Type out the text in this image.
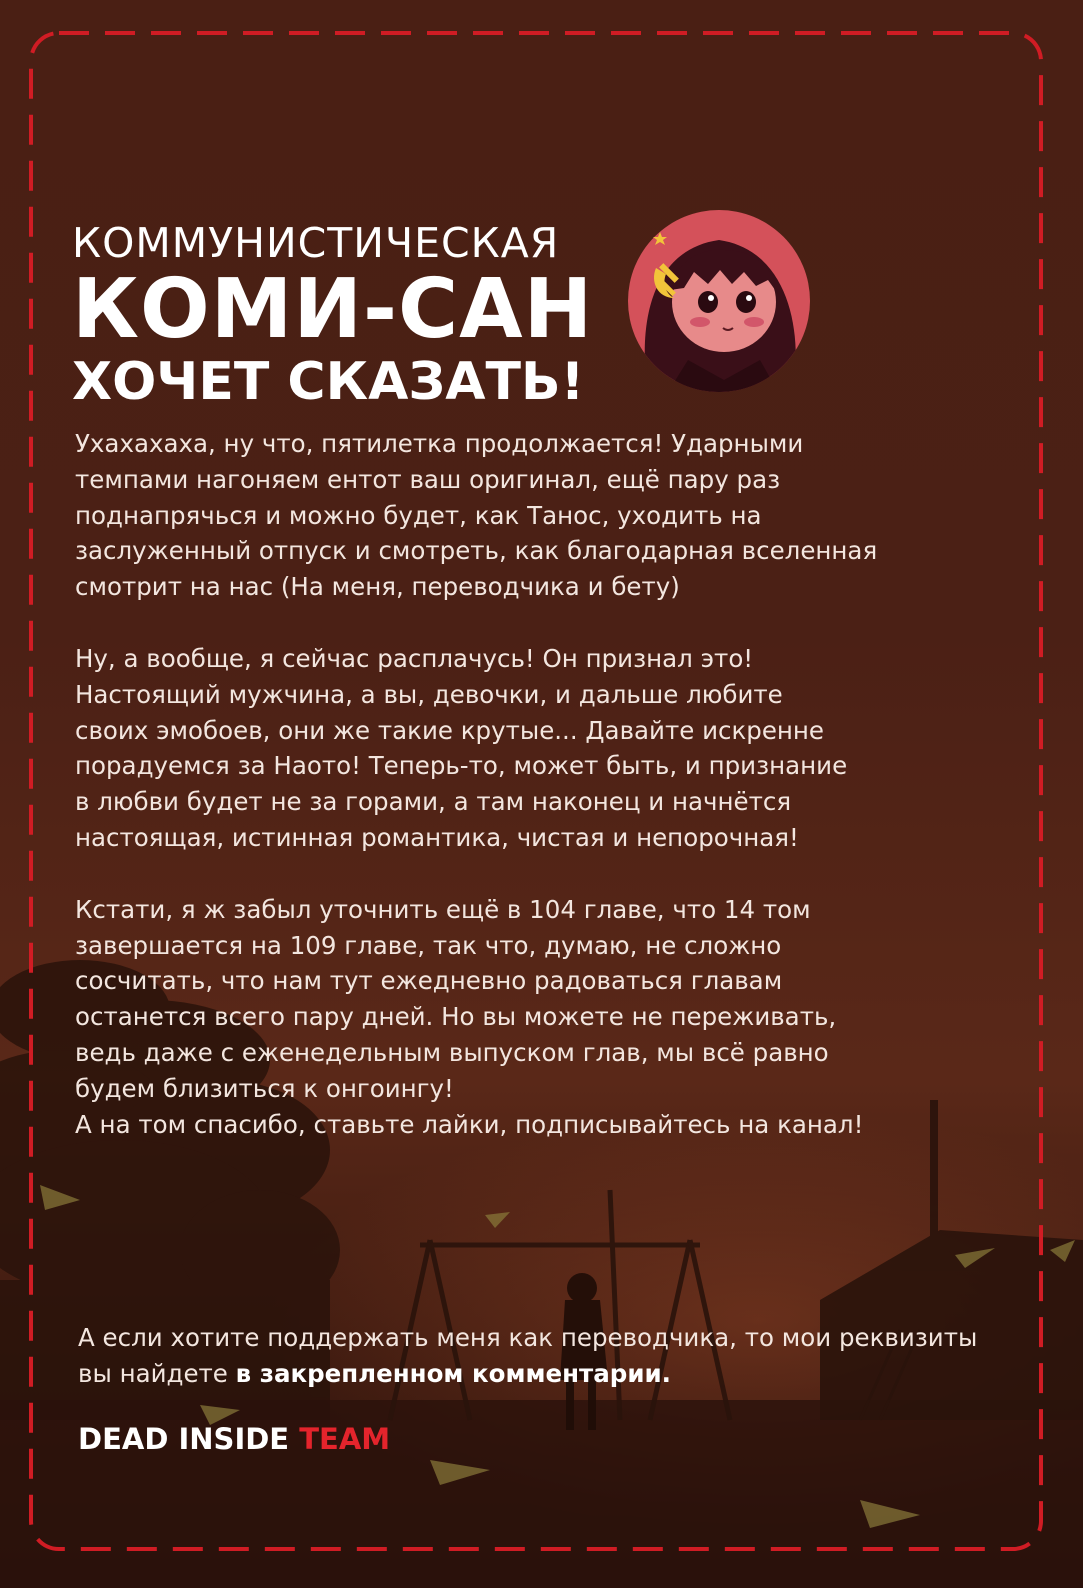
КОММУНИСТИЧЕСКАЯ
КОМИ-САН
ХОЧЕТ СКАЗАТЬ!

Ухахахаха, ну что, пятилетка продолжается! Ударными
темпами нагоняем ентот ваш оригинал, ещё пару раз
поднапрячься и можно будет, как Танос, уходить на
заслуженный отпуск и смотреть, как благодарная вселенная
смотрит на нас (На меня, переводчика и бету)

Ну, а вообще, я сейчас расплачусь! Он признал это!
Настоящий мужчина, а вы, девочки, и дальше любите
своих эмобоев, они же такие крутые... Давайте искренне
порадуемся за Наото! Теперь-то, может быть, и признание
в любви будет не за горами, а там наконец и начнётся
настоящая, истинная романтика, чистая и непорочная!

Кстати, я ж забыл уточнить ещё в 104 главе, что 14 том
завершается на 109 главе, так что, думаю, не сложно
сосчитать, что нам тут ежедневно радоваться главам
останется всего пару дней. Но вы можете не переживать,
ведь даже с еженедельным выпуском глав, мы всё равно
будем близиться к онгоингу!
А на том спасибо, ставьте лайки, подписывайтесь на канал!

А если хотите поддержать меня как переводчика, то мои реквизиты вы найдете в закрепленном комментарии.
DEAD INSIDE TEAM
